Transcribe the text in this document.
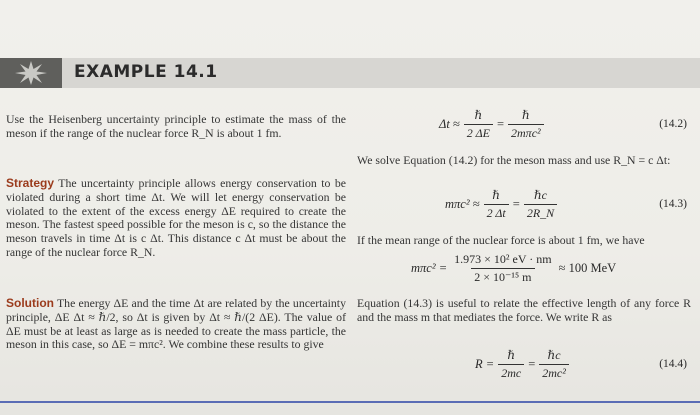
EXAMPLE 14.1
Use the Heisenberg uncertainty principle to estimate the mass of the meson if the range of the nuclear force R_N is about 1 fm.
Strategy The uncertainty principle allows energy conservation to be violated during a short time Δt. We will let energy conservation be violated to the extent of the excess energy ΔE required to create the meson. The fastest speed possible for the meson is c, so the distance the meson travels in time Δt is c Δt. This distance c Δt must be about the range of the nuclear force R_N.
Solution The energy ΔE and the time Δt are related by the uncertainty principle, ΔE Δt ≈ ℏ/2, so Δt is given by Δt ≈ ℏ/(2 ΔE). The value of ΔE must be at least as large as is needed to create the mass particle, the meson in this case, so ΔE = mπc². We combine these results to give
$\Delta t \approx \frac{\text{ℏ}}{2 \Delta E} = \frac{\text{ℏ}}{\text{2mπc²}}$	(14.2)
We solve Equation (14.2) for the meson mass and use R_N = c Δt:
$m\pi c^2 \approx \frac{\text{ℏ}}{2 \Delta t} = \frac{\text{ℏc}}{2R\_N}$	(14.3)
If the mean range of the nuclear force is about 1 fm, we have
$m\pi c^2 = \frac{\text{1.973 × 10² eV · nm}}{\text{2 × 10⁻¹⁵ m}} \approx 100$ MeV
Equation (14.3) is useful to relate the effective length of any force R and the mass m that mediates the force. We write R as
$R = \frac{\text{ℏ}}{2mc} = \frac{\text{ℏc}}{\text{2mc²}}$	(14.4)
